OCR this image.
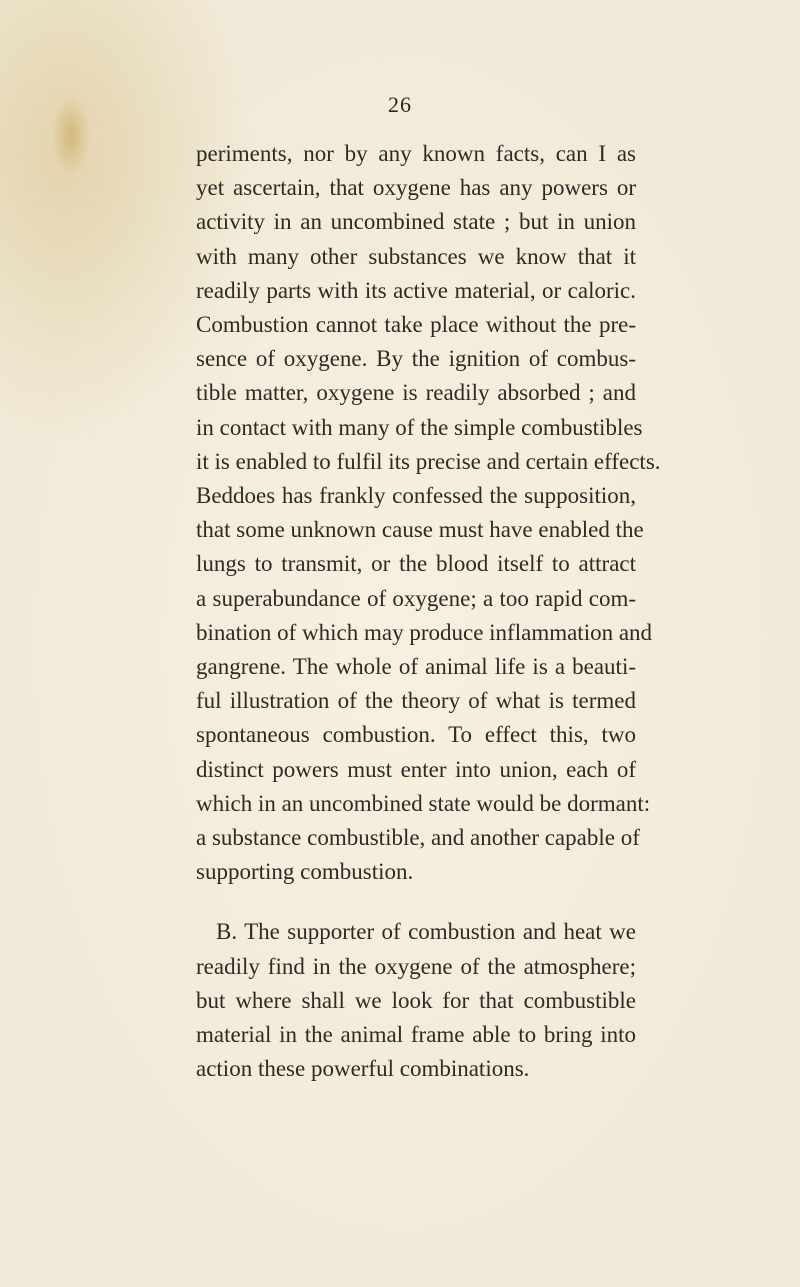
26
periments, nor by any known facts, can I as
yet ascertain, that oxygene has any powers or
activity in an uncombined state ; but in union
with many other substances we know that it
readily parts with its active material, or caloric.
Combustion cannot take place without the pre-
sence of oxygene. By the ignition of combus-
tible matter, oxygene is readily absorbed ; and
in contact with many of the simple combustibles
it is enabled to fulfil its precise and certain effects.
Beddoes has frankly confessed the supposition,
that some unknown cause must have enabled the
lungs to transmit, or the blood itself to attract
a superabundance of oxygene; a too rapid com-
bination of which may produce inflammation and
gangrene. The whole of animal life is a beauti-
ful illustration of the theory of what is termed
spontaneous combustion. To effect this, two
distinct powers must enter into union, each of
which in an uncombined state would be dormant:
a substance combustible, and another capable of
supporting combustion.
B. The supporter of combustion and heat we
readily find in the oxygene of the atmosphere;
but where shall we look for that combustible
material in the animal frame able to bring into
action these powerful combinations.
